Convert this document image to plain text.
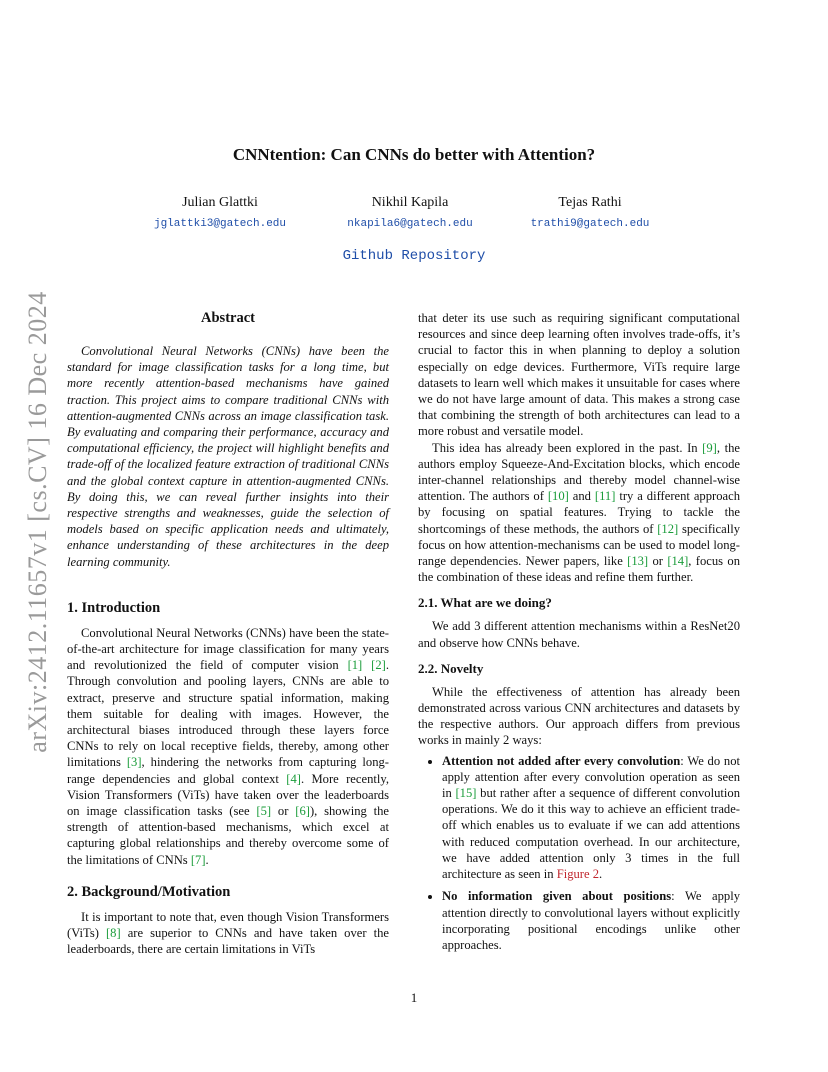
arXiv:2412.11657v1 [cs.CV] 16 Dec 2024
CNNtention: Can CNNs do better with Attention?
Julian Glattki
jglattki3@gatech.edu
Nikhil Kapila
nkapila6@gatech.edu
Tejas Rathi
trathi9@gatech.edu
Github Repository
Abstract

Convolutional Neural Networks (CNNs) have been the standard for image classification tasks for a long time, but more recently attention-based mechanisms have gained traction. This project aims to compare traditional CNNs with attention-augmented CNNs across an image classification task. By evaluating and comparing their performance, accuracy and computational efficiency, the project will highlight benefits and trade-off of the localized feature extraction of traditional CNNs and the global context capture in attention-augmented CNNs. By doing this, we can reveal further insights into their respective strengths and weaknesses, guide the selection of models based on specific application needs and ultimately, enhance understanding of these architectures in the deep learning community.

1. Introduction

Convolutional Neural Networks (CNNs) have been the state-of-the-art architecture for image classification for many years and revolutionized the field of computer vision [1] [2]. Through convolution and pooling layers, CNNs are able to extract, preserve and structure spatial information, making them suitable for dealing with images. However, the architectural biases introduced through these layers force CNNs to rely on local receptive fields, thereby, among other limitations [3], hindering the networks from capturing long-range dependencies and global context [4]. More recently, Vision Transformers (ViTs) have taken over the leaderboards on image classification tasks (see [5] or [6]), showing the strength of attention-based mechanisms, which excel at capturing global relationships and thereby overcome some of the limitations of CNNs [7].

2. Background/Motivation

It is important to note that, even though Vision Transformers (ViTs) [8] are superior to CNNs and have taken over the leaderboards, there are certain limitations in ViTs

that deter its use such as requiring significant computational resources and since deep learning often involves trade-offs, it’s crucial to factor this in when planning to deploy a solution especially on edge devices. Furthermore, ViTs require large datasets to learn well which makes it unsuitable for cases where we do not have large amount of data. This makes a strong case that combining the strength of both architectures can lead to a more robust and versatile model.

This idea has already been explored in the past. In [9], the authors employ Squeeze-And-Excitation blocks, which encode inter-channel relationships and thereby model channel-wise attention. The authors of [10] and [11] try a different approach by focusing on spatial features. Trying to tackle the shortcomings of these methods, the authors of [12] specifically focus on how attention-mechanisms can be used to model long-range dependencies. Newer papers, like [13] or [14], focus on the combination of these ideas and refine them further.

2.1. What are we doing?

We add 3 different attention mechanisms within a ResNet20 and observe how CNNs behave.

2.2. Novelty

While the effectiveness of attention has already been demonstrated across various CNN architectures and datasets by the respective authors. Our approach differs from previous works in mainly 2 ways:

• Attention not added after every convolution: We do not apply attention after every convolution operation as seen in [15] but rather after a sequence of different convolution operations. We do it this way to achieve an efficient trade-off which enables us to evaluate if we can add attentions with reduced computation overhead. In our architecture, we have added attention only 3 times in the full architecture as seen in Figure 2.
• No information given about positions: We apply attention directly to convolutional layers without explicitly incorporating positional encodings unlike other approaches.
1
